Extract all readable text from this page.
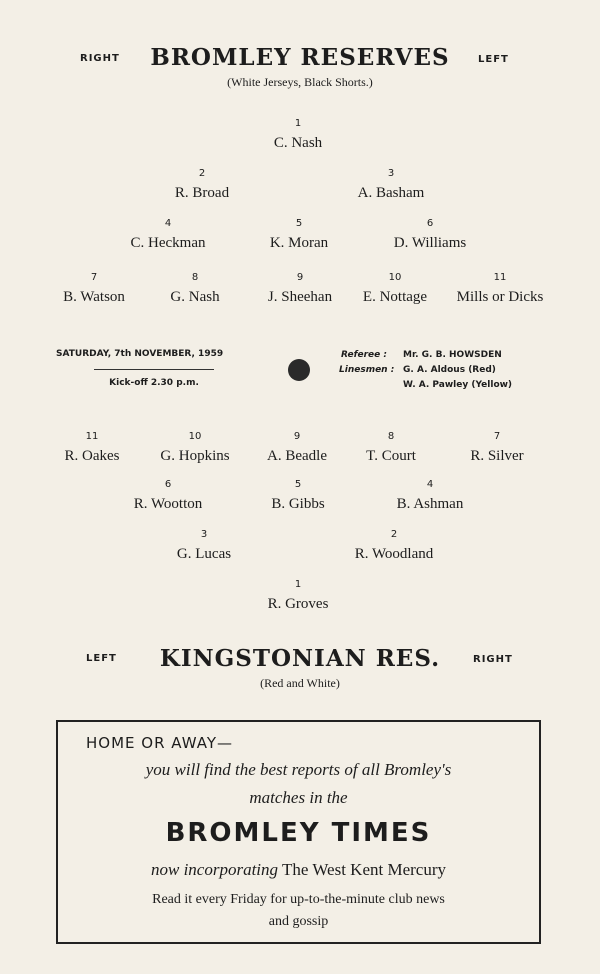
RIGHT	BROMLEY RESERVES	LEFT
(White Jerseys, Black Shorts.)
1
C. Nash
2
R. Broad
3
A. Basham
4
C. Heckman
5
K. Moran
6
D. Williams
7
B. Watson
8
G. Nash
9
J. Sheehan
10
E. Nottage
11
Mills or Dicks
SATURDAY, 7th NOVEMBER, 1959
Kick-off 2.30 p.m.
Referee : Mr. G. B. HOWSDEN
Linesmen : G. A. Aldous (Red)
W. A. Pawley (Yellow)
11
R. Oakes
10
G. Hopkins
9
A. Beadle
8
T. Court
7
R. Silver
6
R. Wootton
5
B. Gibbs
4
B. Ashman
3
G. Lucas
2
R. Woodland
1
R. Groves
LEFT	KINGSTONIAN RES.	RIGHT
(Red and White)
HOME OR AWAY—
you will find the best reports of all Bromley's
matches in the
BROMLEY TIMES
now incorporating The West Kent Mercury
Read it every Friday for up-to-the-minute club news
and gossip
